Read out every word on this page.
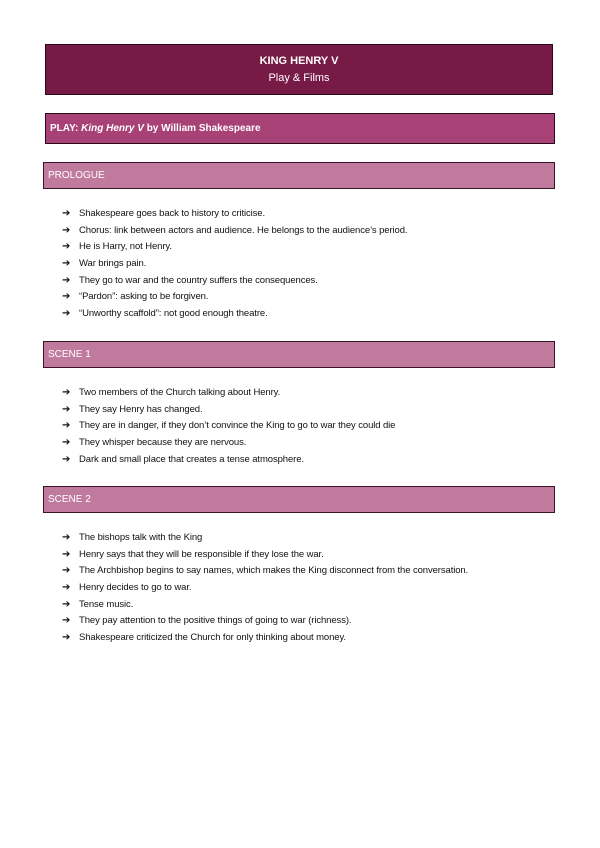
KING HENRY V
Play & Films
PLAY: King Henry V by William Shakespeare
PROLOGUE
➔ Shakespeare goes back to history to criticise.
➔ Chorus: link between actors and audience. He belongs to the audience’s period.
➔ He is Harry, not Henry.
➔ War brings pain.
➔ They go to war and the country suffers the consequences.
➔ “Pardon”: asking to be forgiven.
➔ “Unworthy scaffold”: not good enough theatre.
SCENE 1
➔ Two members of the Church talking about Henry.
➔ They say Henry has changed.
➔ They are in danger, if they don’t convince the King to go to war they could die
➔ They whisper because they are nervous.
➔ Dark and small place that creates a tense atmosphere.
SCENE 2
➔ The bishops talk with the King
➔ Henry says that they will be responsible if they lose the war.
➔ The Archbishop begins to say names, which makes the King disconnect from the conversation.
➔ Henry decides to go to war.
➔ Tense music.
➔ They pay attention to the positive things of going to war (richness).
➔ Shakespeare criticized the Church for only thinking about money.
